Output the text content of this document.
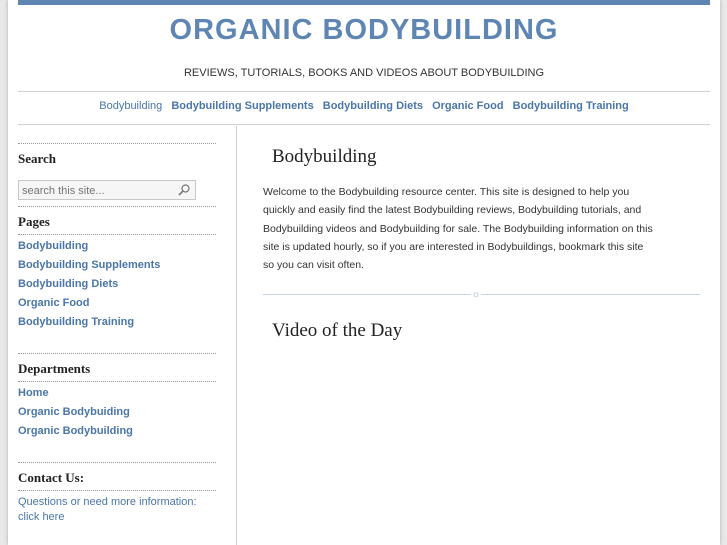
ORGANIC BODYBUILDING
REVIEWS, TUTORIALS, BOOKS AND VIDEOS ABOUT BODYBUILDING
Bodybuilding Bodybuilding Supplements Bodybuilding Diets Organic Food Bodybuilding Training
Search
search this site...
Pages
Bodybuilding
Bodybuilding Supplements
Bodybuilding Diets
Organic Food
Bodybuilding Training
Departments
Home
Organic Bodybuiding
Organic Bodybuilding
Contact Us:
Questions or need more information: click here
Bodybuilding
Welcome to the Bodybuilding resource center. This site is designed to help you quickly and easily find the latest Bodybuilding reviews, Bodybuilding tutorials, and Bodybuilding videos and Bodybuilding for sale. The Bodybuilding information on this site is updated hourly, so if you are interested in Bodybuildings, bookmark this site so you can visit often.
☼
Video of the Day
